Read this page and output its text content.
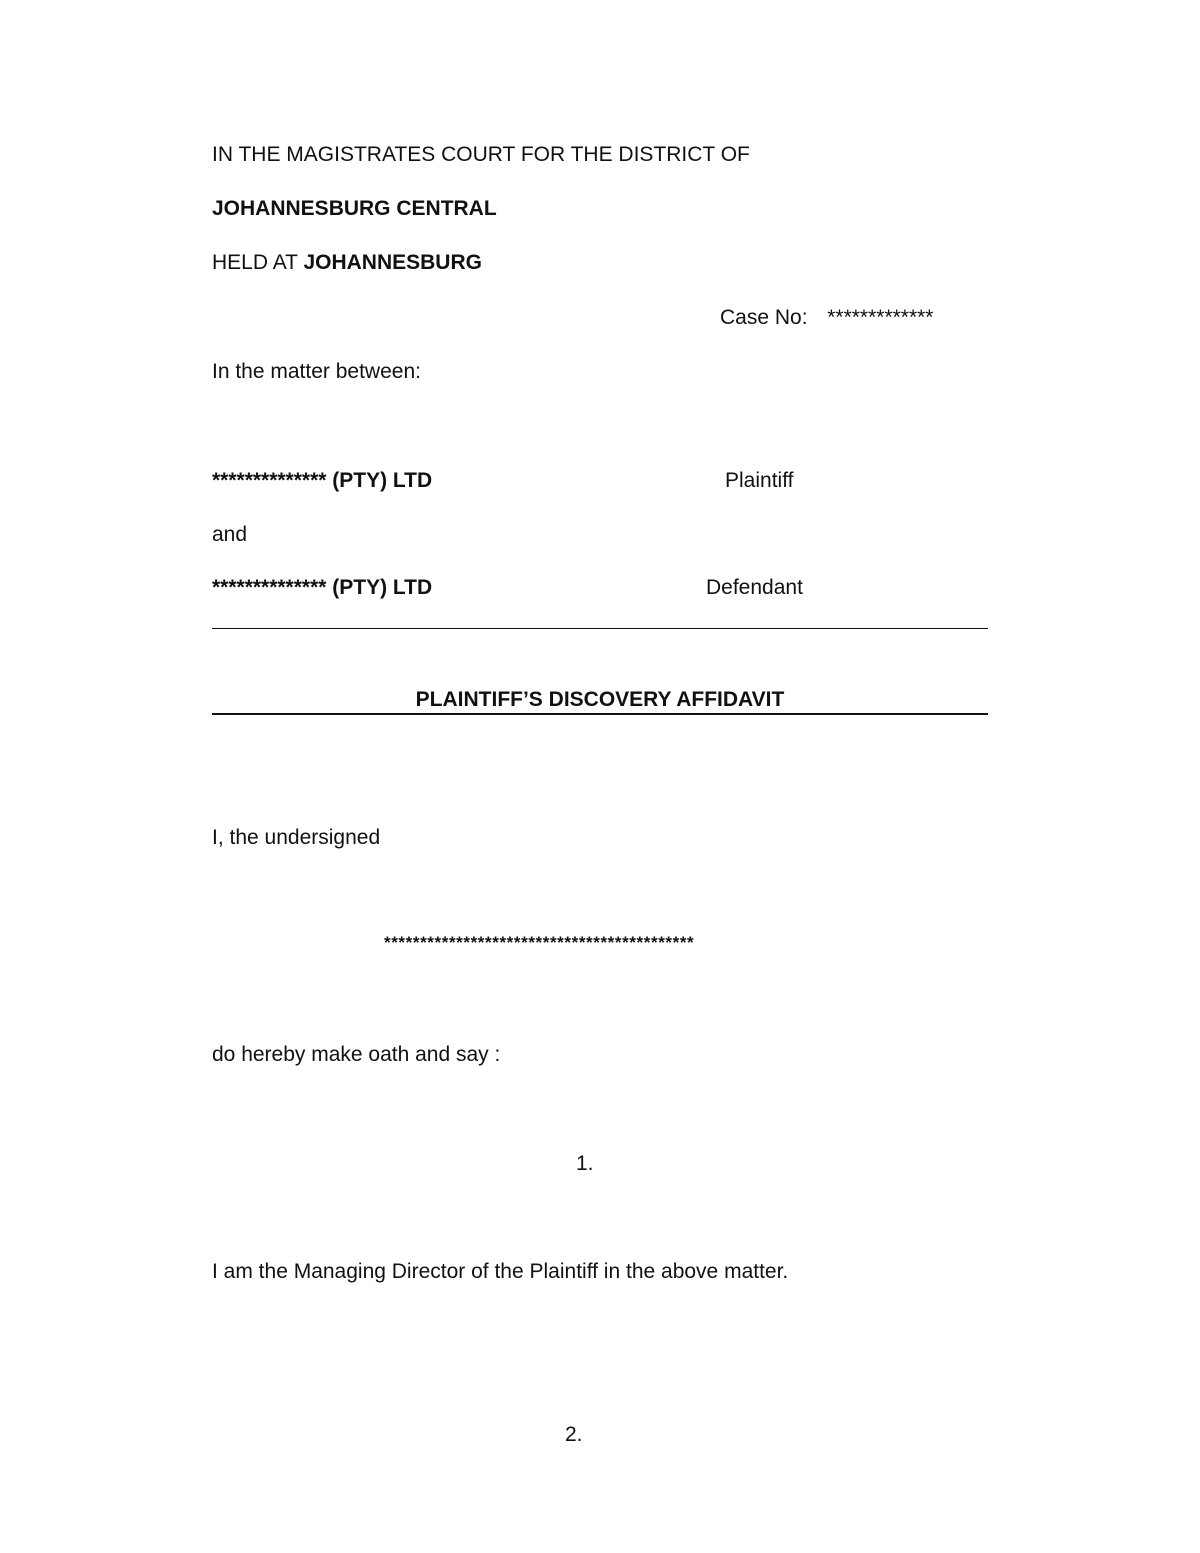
IN THE MAGISTRATES COURT FOR THE DISTRICT OF
JOHANNESBURG CENTRAL
HELD AT JOHANNESBURG
Case No: *************
In the matter between:
************** (PTY) LTD	Plaintiff
and
************** (PTY) LTD	Defendant
PLAINTIFF’S DISCOVERY AFFIDAVIT
I, the undersigned
*******************************************
do hereby make oath and say :
1.
I am the Managing Director of the Plaintiff in the above matter.
2.
